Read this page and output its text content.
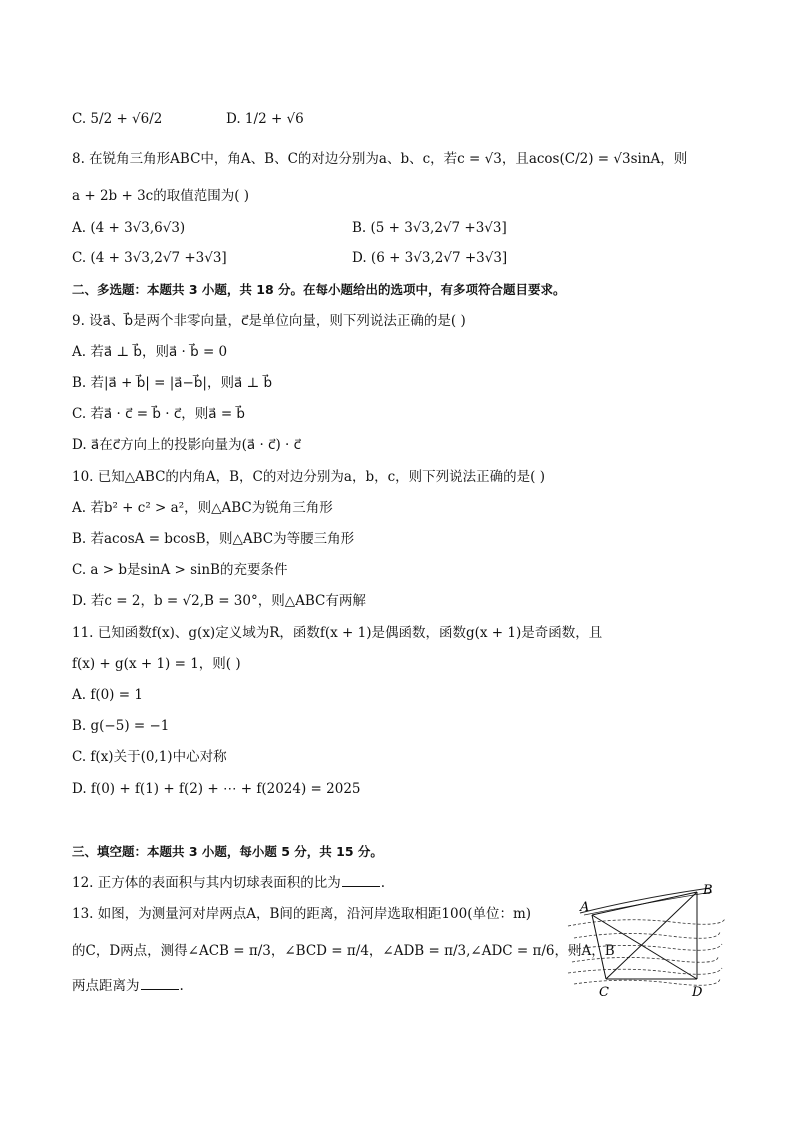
C. 5/2 + √6/2	D. 1/2 + √6
8. 在锐角三角形ABC中，角A、B、C的对边分别为a、b、c，若c = √3，且acos(C/2) = √3sinA，则
a + 2b + 3c的取值范围为( )
A. (4 + 3√3,6√3)	B. (5 + 3√3,2√7 +3√3]
C. (4 + 3√3,2√7 +3√3]	D. (6 + 3√3,2√7 +3√3]
二、多选题：本题共 3 小题，共 18 分。在每小题给出的选项中，有多项符合题目要求。
9. 设a⃗、b⃗是两个非零向量，c⃗是单位向量，则下列说法正确的是( )
A. 若a⃗ ⊥ b⃗，则a⃗ · b⃗ = 0
B. 若|a⃗ + b⃗| = |a⃗−b⃗|，则a⃗ ⊥ b⃗
C. 若a⃗ · c⃗ = b⃗ · c⃗，则a⃗ = b⃗
D. a⃗在c⃗方向上的投影向量为(a⃗ · c⃗) · c⃗
10. 已知△ABC的内角A，B，C的对边分别为a，b，c，则下列说法正确的是( )
A. 若b² + c² > a²，则△ABC为锐角三角形
B. 若acosA = bcosB，则△ABC为等腰三角形
C. a > b是sinA > sinB的充要条件
D. 若c = 2，b = √2,B = 30°，则△ABC有两解
11. 已知函数f(x)、g(x)定义域为R，函数f(x + 1)是偶函数，函数g(x + 1)是奇函数，且
f(x) + g(x + 1) = 1，则( )
A. f(0) = 1
B. g(−5) = −1
C. f(x)关于(0,1)中心对称
D. f(0) + f(1) + f(2) + ⋯ + f(2024) = 2025
三、填空题：本题共 3 小题，每小题 5 分，共 15 分。
12. 正方体的表面积与其内切球表面积的比为	.
13. 如图，为测量河对岸两点A，B间的距离，沿河岸选取相距100(单位：m)
的C，D两点，测得∠ACB = π/3，∠BCD = π/4，∠ADB = π/3,∠ADC = π/6，则A，B
两点距离为	.
A
B
C	D
